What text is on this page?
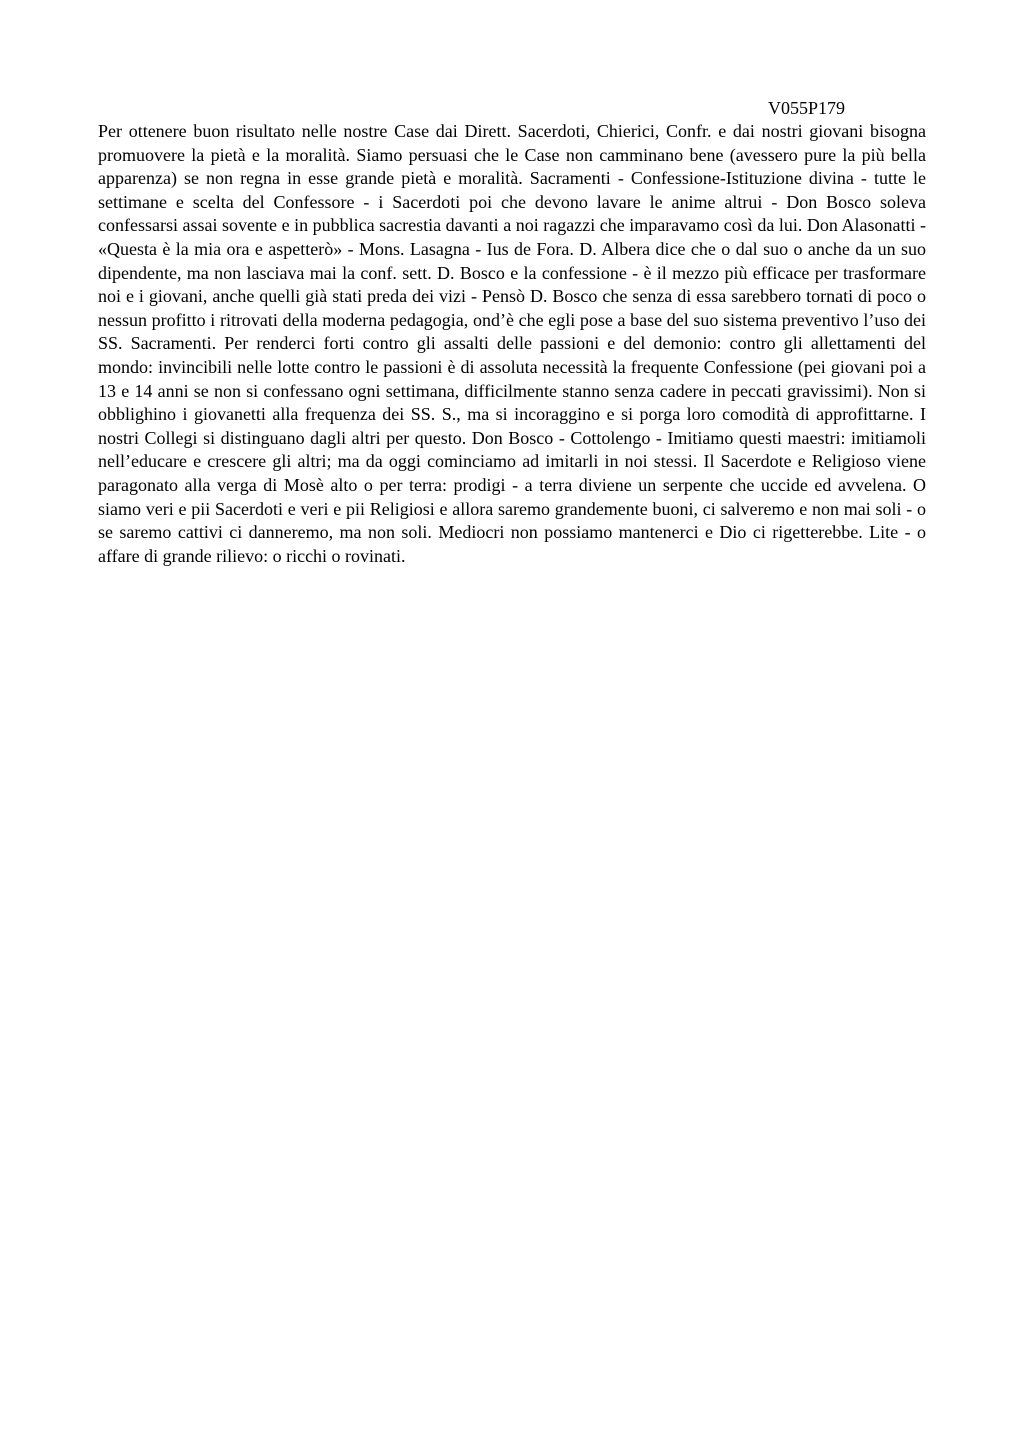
V055P179

Per ottenere buon risultato nelle nostre Case dai Dirett. Sacerdoti, Chierici, Confr. e dai nostri giovani bisogna promuovere la pietà e la moralità. Siamo persuasi che le Case non camminano bene (avessero pure la più bella apparenza) se non regna in esse grande pietà e moralità. Sacramenti - Confessione-Istituzione divina - tutte le settimane e scelta del Confessore - i Sacerdoti poi che devono lavare le anime altrui - Don Bosco soleva confessarsi assai sovente e in pubblica sacrestia davanti a noi ragazzi che imparavamo così da lui. Don Alasonatti - «Questa è la mia ora e aspetterò» - Mons. Lasagna - Ius de Fora. D. Albera dice che o dal suo o anche da un suo dipendente, ma non lasciava mai la conf. sett. D. Bosco e la confessione - è il mezzo più efficace per trasformare noi e i giovani, anche quelli già stati preda dei vizi - Pensò D. Bosco che senza di essa sarebbero tornati di poco o nessun profitto i ritrovati della moderna pedagogia, ond’è che egli pose a base del suo sistema preventivo l’uso dei SS. Sacramenti. Per renderci forti contro gli assalti delle passioni e del demonio: contro gli allettamenti del mondo: invincibili nelle lotte contro le passioni è di assoluta necessità la frequente Confessione (pei giovani poi a 13 e 14 anni se non si confessano ogni settimana, difficilmente stanno senza cadere in peccati gravissimi). Non si obblighino i giovanetti alla frequenza dei SS. S., ma si incoraggino e si porga loro comodità di approfittarne. I nostri Collegi si distinguano dagli altri per questo. Don Bosco - Cottolengo - Imitiamo questi maestri: imitiamoli nell’educare e crescere gli altri; ma da oggi cominciamo ad imitarli in noi stessi. Il Sacerdote e Religioso viene paragonato alla verga di Mosè alto o per terra: prodigi - a terra diviene un serpente che uccide ed avvelena. O siamo veri e pii Sacerdoti e veri e pii Religiosi e allora saremo grandemente buoni, ci salveremo e non mai soli - o se saremo cattivi ci danneremo, ma non soli. Mediocri non possiamo mantenerci e Dio ci rigetterebbe. Lite - o affare di grande rilievo: o ricchi o rovinati.
